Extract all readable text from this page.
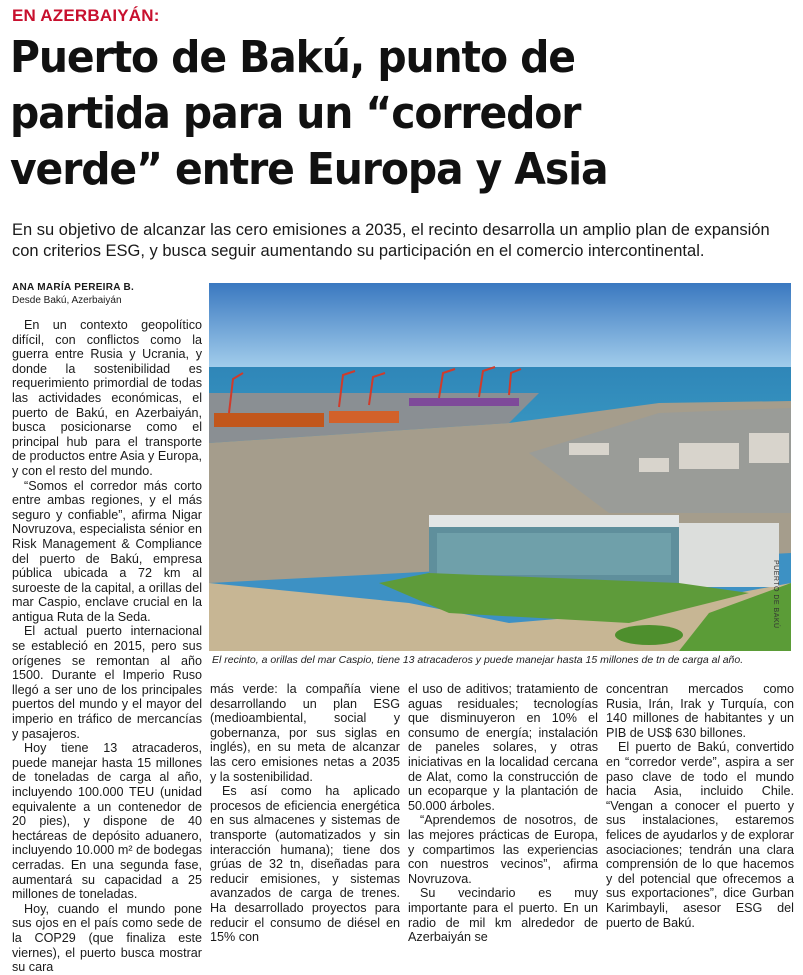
EN AZERBAIYÁN:
Puerto de Bakú, punto de partida para un “corredor verde” entre Europa y Asia

En su objetivo de alcanzar las cero emisiones a 2035, el recinto desarrolla un amplio plan de expansión con criterios ESG, y busca seguir aumentando su participación en el comercio intercontinental.

ANA MARÍA PEREIRA B.
Desde Bakú, Azerbaiyán
PUERTO DE BAKÚ

El recinto, a orillas del mar Caspio, tiene 13 atracaderos y puede manejar hasta 15 millones de tn de carga al año.

En un contexto geopolítico difícil, con conflictos como la guerra entre Rusia y Ucrania, y donde la sostenibilidad es requerimiento primordial de todas las actividades económicas, el puerto de Bakú, en Azerbaiyán, busca posicionarse como el principal hub para el transporte de productos entre Asia y Europa, y con el resto del mundo.

“Somos el corredor más corto entre ambas regiones, y el más seguro y confiable”, afirma Nigar Novruzova, especialista sénior en Risk Management & Compliance del puerto de Bakú, empresa pública ubicada a 72 km al suroeste de la capital, a orillas del mar Caspio, enclave crucial en la antigua Ruta de la Seda.

El actual puerto internacional se estableció en 2015, pero sus orígenes se remontan al año 1500. Durante el Imperio Ruso llegó a ser uno de los principales puertos del mundo y el mayor del imperio en tráfico de mercancías y pasajeros.

Hoy tiene 13 atracaderos, puede manejar hasta 15 millones de toneladas de carga al año, incluyendo 100.000 TEU (unidad equivalente a un contenedor de 20 pies), y dispone de 40 hectáreas de depósito aduanero, incluyendo 10.000 m² de bodegas cerradas. En una segunda fase, aumentará su capacidad a 25 millones de toneladas.

Hoy, cuando el mundo pone sus ojos en el país como sede de la COP29 (que finaliza este viernes), el puerto busca mostrar su cara

más verde: la compañía viene desarrollando un plan ESG (medioambiental, social y gobernanza, por sus siglas en inglés), en su meta de alcanzar las cero emisiones netas a 2035 y la sostenibilidad.

Es así como ha aplicado procesos de eficiencia energética en sus almacenes y sistemas de transporte (automatizados y sin interacción humana); tiene dos grúas de 32 tn, diseñadas para reducir emisiones, y sistemas avanzados de carga de trenes. Ha desarrollado proyectos para reducir el consumo de diésel en 15% con

el uso de aditivos; tratamiento de aguas residuales; tecnologías que disminuyeron en 10% el consumo de energía; instalación de paneles solares, y otras iniciativas en la localidad cercana de Alat, como la construcción de un ecoparque y la plantación de 50.000 árboles.

“Aprendemos de nosotros, de las mejores prácticas de Europa, y compartimos las experiencias con nuestros vecinos”, afirma Novruzova.

Su vecindario es muy importante para el puerto. En un radio de mil km alrededor de Azerbaiyán se

concentran mercados como Rusia, Irán, Irak y Turquía, con 140 millones de habitantes y un PIB de US$ 630 billones.

El puerto de Bakú, convertido en “corredor verde”, aspira a ser paso clave de todo el mundo hacia Asia, incluido Chile. “Vengan a conocer el puerto y sus instalaciones, estaremos felices de ayudarlos y de explorar asociaciones; tendrán una clara comprensión de lo que hacemos y del potencial que ofrecemos a sus exportaciones”, dice Gurban Karimbayli, asesor ESG del puerto de Bakú.
